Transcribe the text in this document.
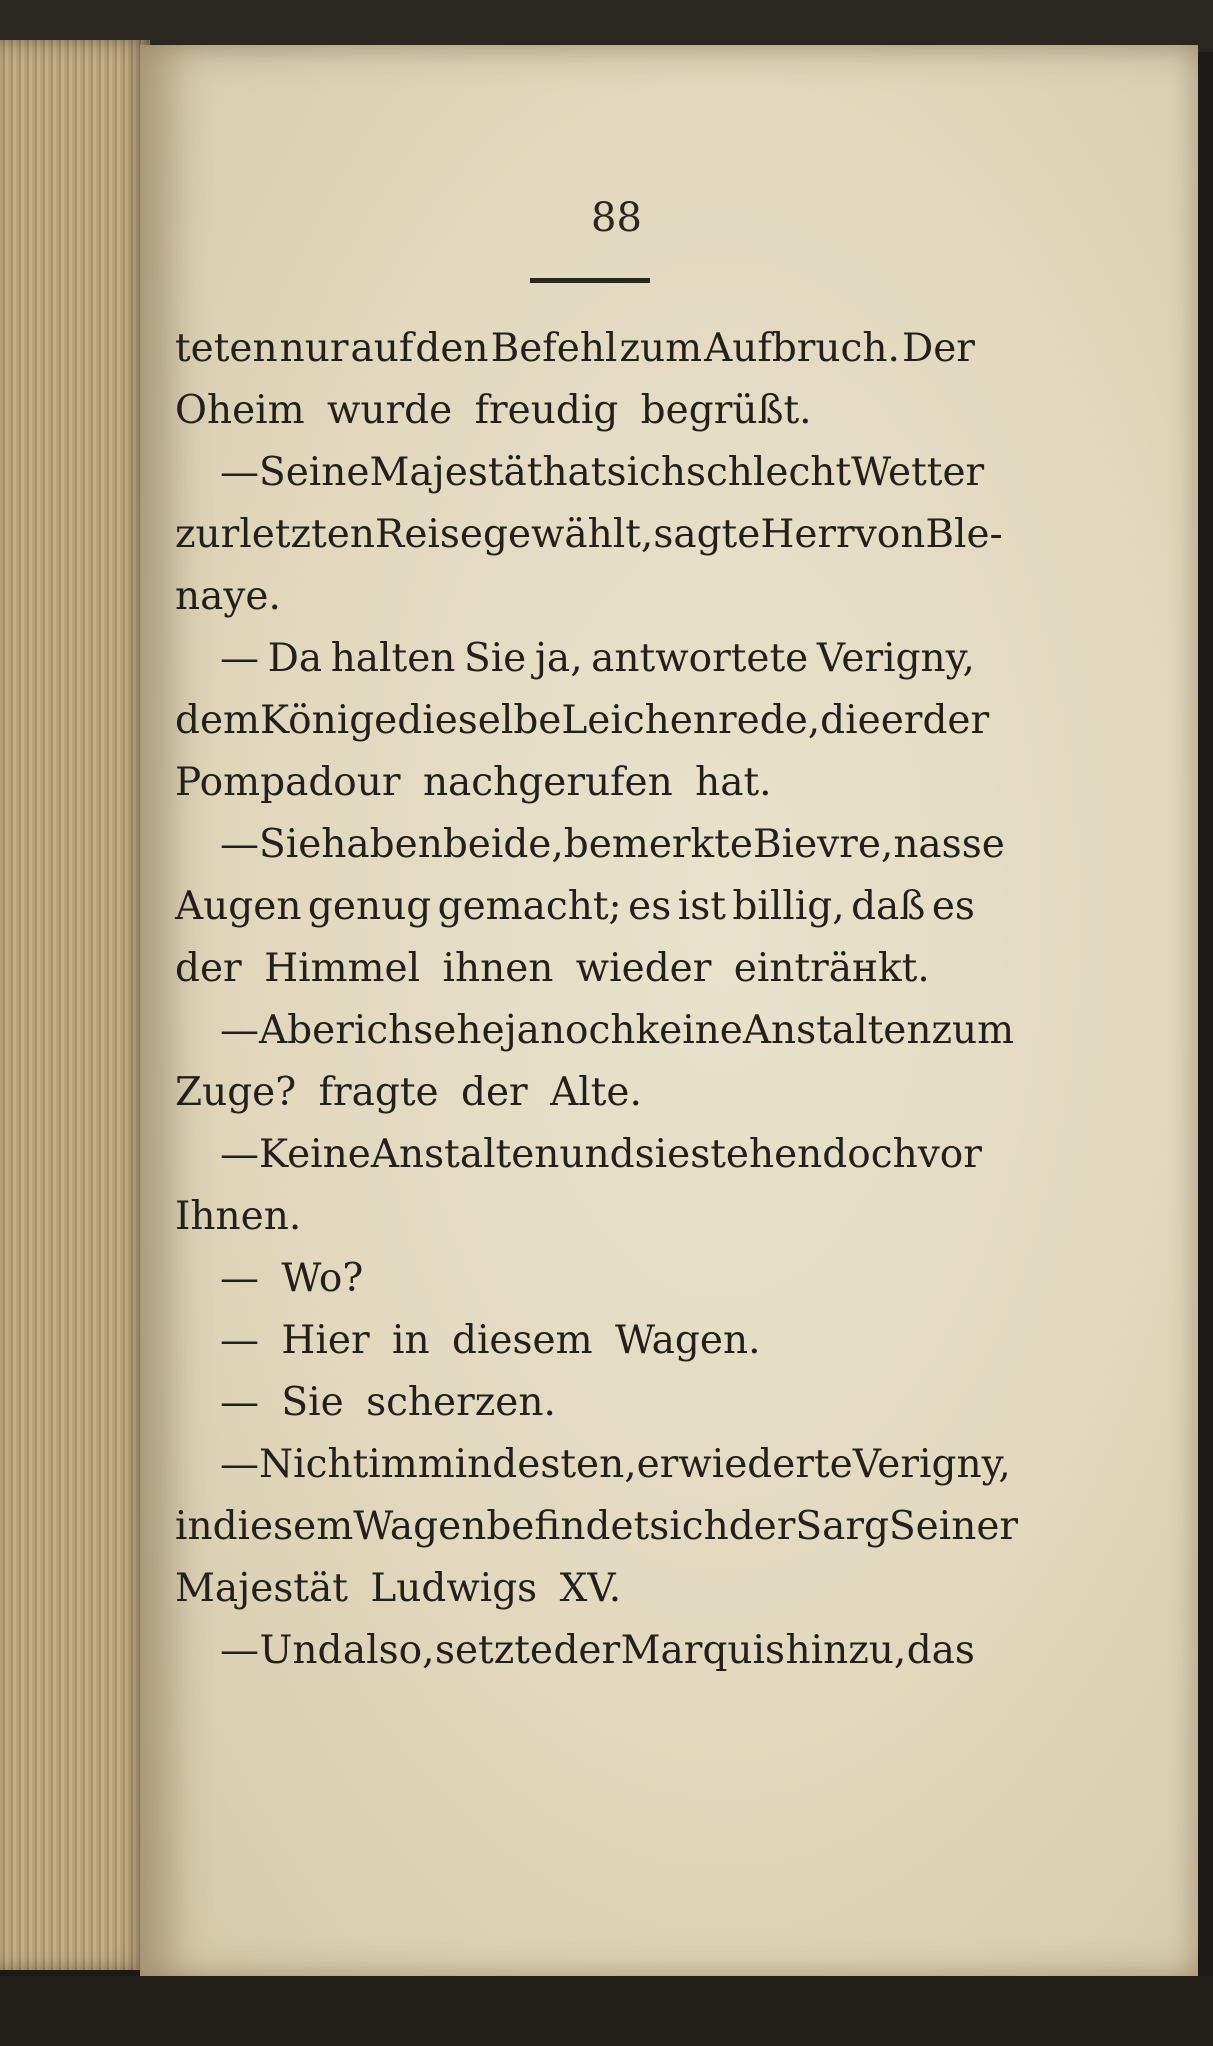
88
teten nur auf den Befehl zum Aufbruch. Der
Oheim wurde freudig begrüßt.
— Seine Majestät hat sich schlecht Wetter
zur letzten Reise gewählt, sagte Herr von Ble-
naye.
— Da halten Sie ja, antwortete Verigny,
dem Könige dieselbe Leichenrede, die er der
Pompadour nachgerufen hat.
— Sie haben beide, bemerkte Bievre, nasse
Augen genug gemacht; es ist billig, daß es
der Himmel ihnen wieder einträнkt.
— Aber ich sehe ja noch keine Anstalten zum
Zuge? fragte der Alte.
— Keine Anstalten und sie stehen doch vor
Ihnen.
— Wo?
— Hier in diesem Wagen.
— Sie scherzen.
— Nicht im mindesten, erwiederte Verigny,
in diesem Wagen befindet sich der Sarg Seiner
Majestät Ludwigs XV.
— Und also, setzte der Marquis hinzu, das
